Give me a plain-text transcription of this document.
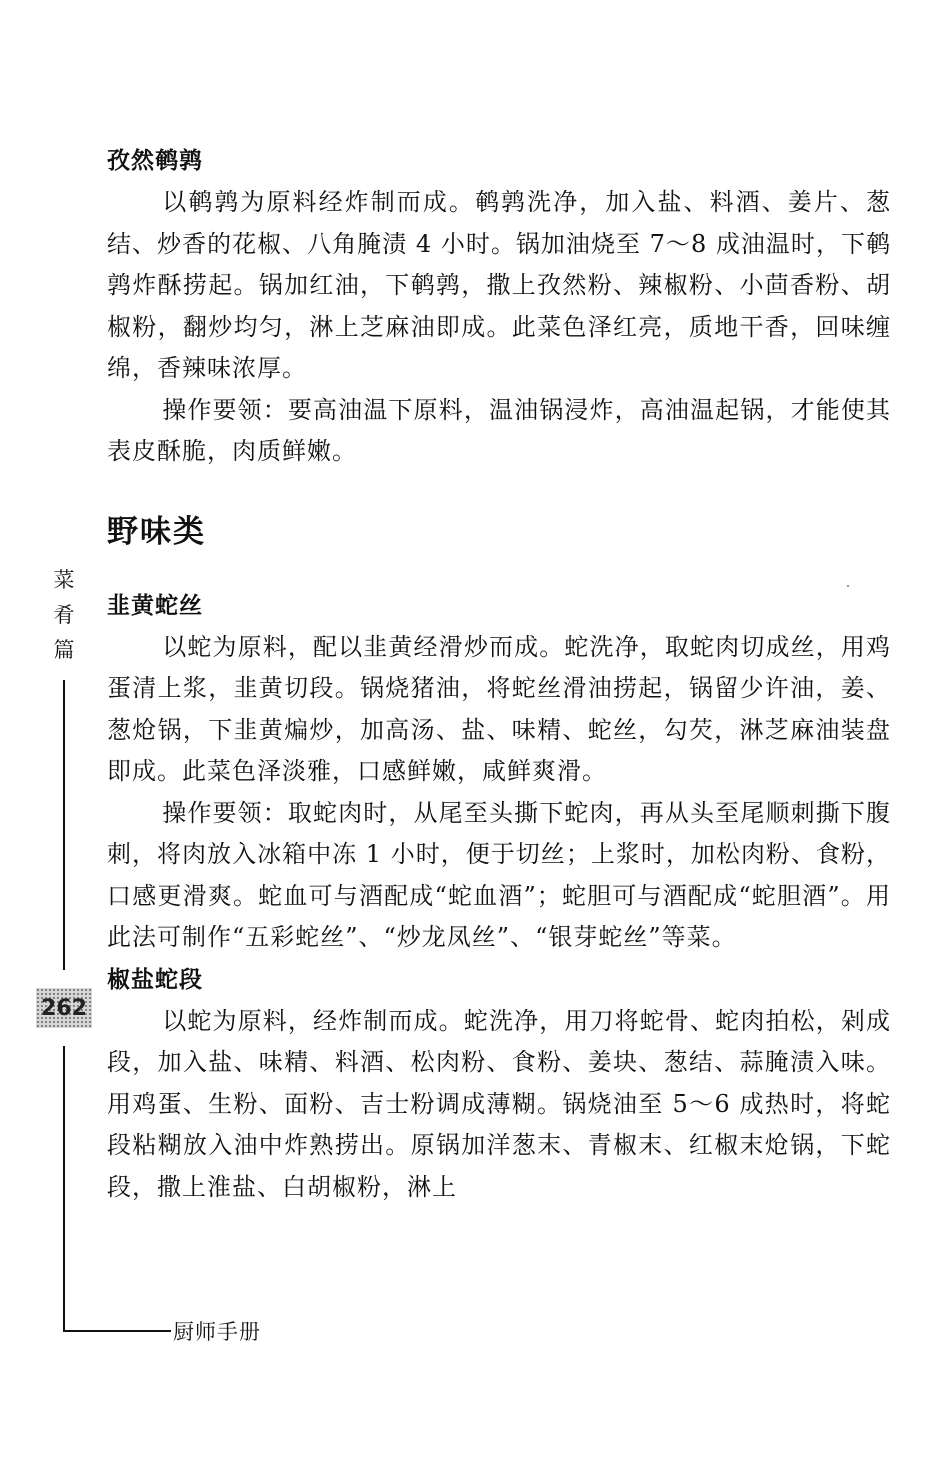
孜然鹌鹑

以鹌鹑为原料经炸制而成。鹌鹑洗净，加入盐、料酒、姜片、葱结、炒香的花椒、八角腌渍 4 小时。锅加油烧至 7～8 成油温时，下鹌鹑炸酥捞起。锅加红油，下鹌鹑，撒上孜然粉、辣椒粉、小茴香粉、胡椒粉，翻炒均匀，淋上芝麻油即成。此菜色泽红亮，质地干香，回味缠绵，香辣味浓厚。

操作要领：要高油温下原料，温油锅浸炸，高油温起锅，才能使其表皮酥脆，肉质鲜嫩。

野味类
韭黄蛇丝

以蛇为原料，配以韭黄经滑炒而成。蛇洗净，取蛇肉切成丝，用鸡蛋清上浆，韭黄切段。锅烧猪油，将蛇丝滑油捞起，锅留少许油，姜、葱炝锅，下韭黄煸炒，加高汤、盐、味精、蛇丝，勾芡，淋芝麻油装盘即成。此菜色泽淡雅，口感鲜嫩，咸鲜爽滑。

操作要领：取蛇肉时，从尾至头撕下蛇肉，再从头至尾顺刺撕下腹刺，将肉放入冰箱中冻 1 小时，便于切丝；上浆时，加松肉粉、食粉，口感更滑爽。蛇血可与酒配成“蛇血酒”；蛇胆可与酒配成“蛇胆酒”。用此法可制作“五彩蛇丝”、“炒龙凤丝”、“银芽蛇丝”等菜。

椒盐蛇段

以蛇为原料，经炸制而成。蛇洗净，用刀将蛇骨、蛇肉拍松，剁成段，加入盐、味精、料酒、松肉粉、食粉、姜块、葱结、蒜腌渍入味。用鸡蛋、生粉、面粉、吉士粉调成薄糊。锅烧油至 5～6 成热时，将蛇段粘糊放入油中炸熟捞出。原锅加洋葱末、青椒末、红椒末炝锅，下蛇段，撒上淮盐、白胡椒粉，淋上

菜
肴
篇
262
厨师手册
